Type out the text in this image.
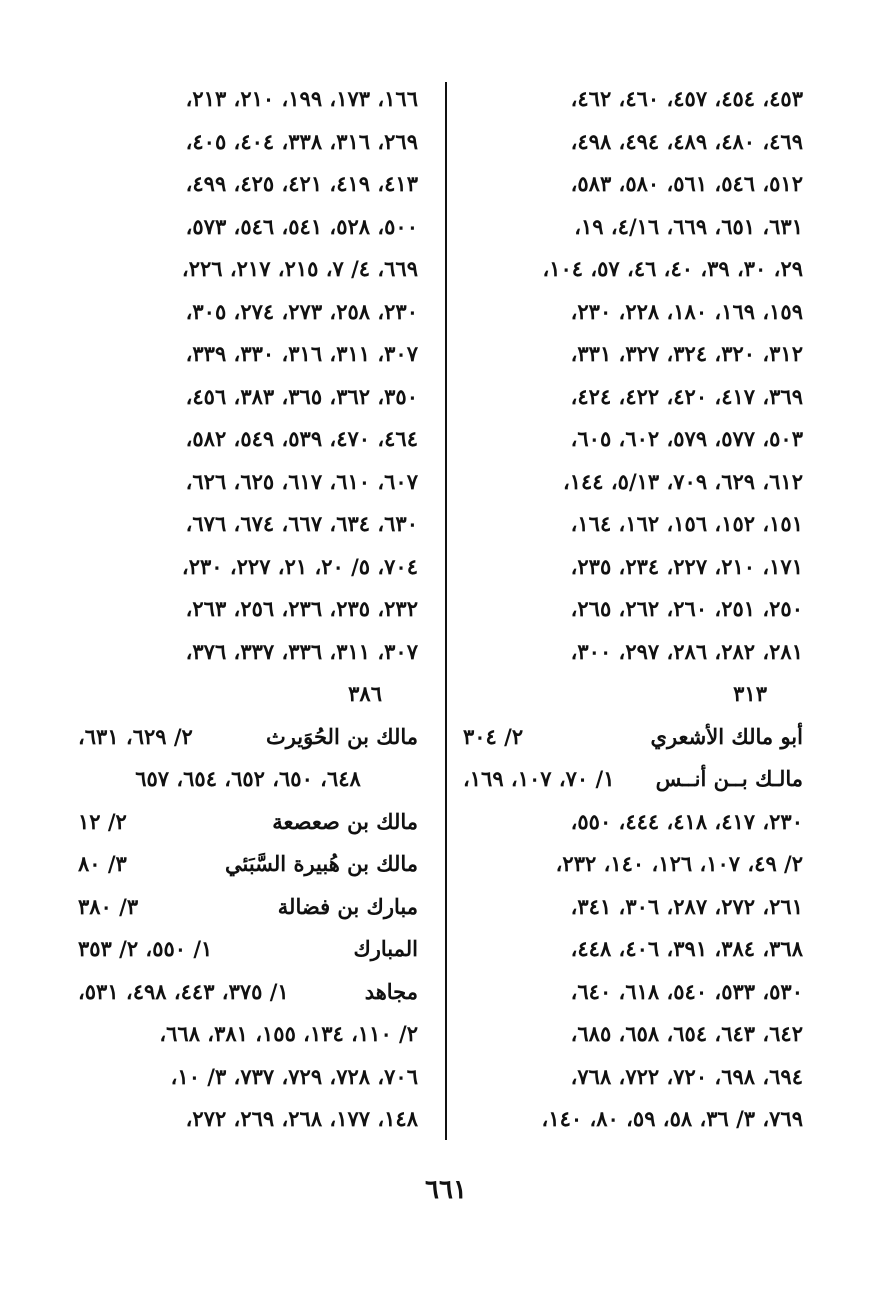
٤٥٣، ٤٥٤، ٤٥٧، ٤٦٠، ٤٦٢،
٤٦٩، ٤٨٠، ٤٨٩، ٤٩٤، ٤٩٨،
٥١٢، ٥٤٦، ٥٦١، ٥٨٠، ٥٨٣،
٦٣١، ٦٥١، ٦٦٩، ٤/١٦، ١٩،
٢٩، ٣٠، ٣٩، ٤٠، ٤٦، ٥٧، ١٠٤،
١٥٩، ١٦٩، ١٨٠، ٢٢٨، ٢٣٠،
٣١٢، ٣٢٠، ٣٢٤، ٣٢٧، ٣٣١،
٣٦٩، ٤١٧، ٤٢٠، ٤٢٢، ٤٢٤،
٥٠٣، ٥٧٧، ٥٧٩، ٦٠٢، ٦٠٥،
٦١٢، ٦٢٩، ٧٠٩، ٥/١٣، ١٤٤،
١٥١، ١٥٢، ١٥٦، ١٦٢، ١٦٤،
١٧١، ٢١٠، ٢٢٧، ٢٣٤، ٢٣٥،
٢٥٠، ٢٥١، ٢٦٠، ٢٦٢، ٢٦٥،
٢٨١، ٢٨٢، ٢٨٦، ٢٩٧، ٣٠٠،
٣١٣
أبو مالك الأشعري
٢/ ٣٠٤
مالـك بــن أنــس
١/ ٧٠، ١٠٧، ١٦٩،
٢٣٠، ٤١٧، ٤١٨، ٤٤٤، ٥٥٠،
٢/ ٤٩، ١٠٧، ١٢٦، ١٤٠، ٢٣٢،
٢٦١، ٢٧٢، ٢٨٧، ٣٠٦، ٣٤١،
٣٦٨، ٣٨٤، ٣٩١، ٤٠٦، ٤٤٨،
٥٣٠، ٥٣٣، ٥٤٠، ٦١٨، ٦٤٠،
٦٤٢، ٦٤٣، ٦٥٤، ٦٥٨، ٦٨٥،
٦٩٤، ٦٩٨، ٧٢٠، ٧٢٢، ٧٦٨،
٧٦٩، ٣/ ٣٦، ٥٨، ٥٩، ٨٠، ١٤٠،
١٦٦، ١٧٣، ١٩٩، ٢١٠، ٢١٣،
٢٦٩، ٣١٦، ٣٣٨، ٤٠٤، ٤٠٥،
٤١٣، ٤١٩، ٤٢١، ٤٢٥، ٤٩٩،
٥٠٠، ٥٢٨، ٥٤١، ٥٤٦، ٥٧٣،
٦٦٩، ٤/ ٧، ٢١٥، ٢١٧، ٢٢٦،
٢٣٠، ٢٥٨، ٢٧٣، ٢٧٤، ٣٠٥،
٣٠٧، ٣١١، ٣١٦، ٣٣٠، ٣٣٩،
٣٥٠، ٣٦٢، ٣٦٥، ٣٨٣، ٤٥٦،
٤٦٤، ٤٧٠، ٥٣٩، ٥٤٩، ٥٨٢،
٦٠٧، ٦١٠، ٦١٧، ٦٢٥، ٦٢٦،
٦٣٠، ٦٣٤، ٦٦٧، ٦٧٤، ٦٧٦،
٧٠٤، ٥/ ٢٠، ٢١، ٢٢٧، ٢٣٠،
٢٣٢، ٢٣٥، ٢٣٦، ٢٥٦، ٢٦٣،
٣٠٧، ٣١١، ٣٣٦، ٣٣٧، ٣٧٦،
٣٨٦
مالك بن الحُوَيرث
٢/ ٦٢٩، ٦٣١،
٦٤٨، ٦٥٠، ٦٥٢، ٦٥٤، ٦٥٧
مالك بن صعصعة
٢/ ١٢
مالك بن هُبيرة السَّبَئي
٣/ ٨٠
مبارك بن فضالة
٣/ ٣٨٠
المبارك
١/ ٥٥٠، ٢/ ٣٥٣
مجاهد
١/ ٣٧٥، ٤٤٣، ٤٩٨، ٥٣١،
٢/ ١١٠، ١٣٤، ١٥٥، ٣٨١، ٦٦٨،
٧٠٦، ٧٢٨، ٧٢٩، ٧٣٧، ٣/ ١٠،
١٤٨، ١٧٧، ٢٦٨، ٢٦٩، ٢٧٢،
٦٦١
